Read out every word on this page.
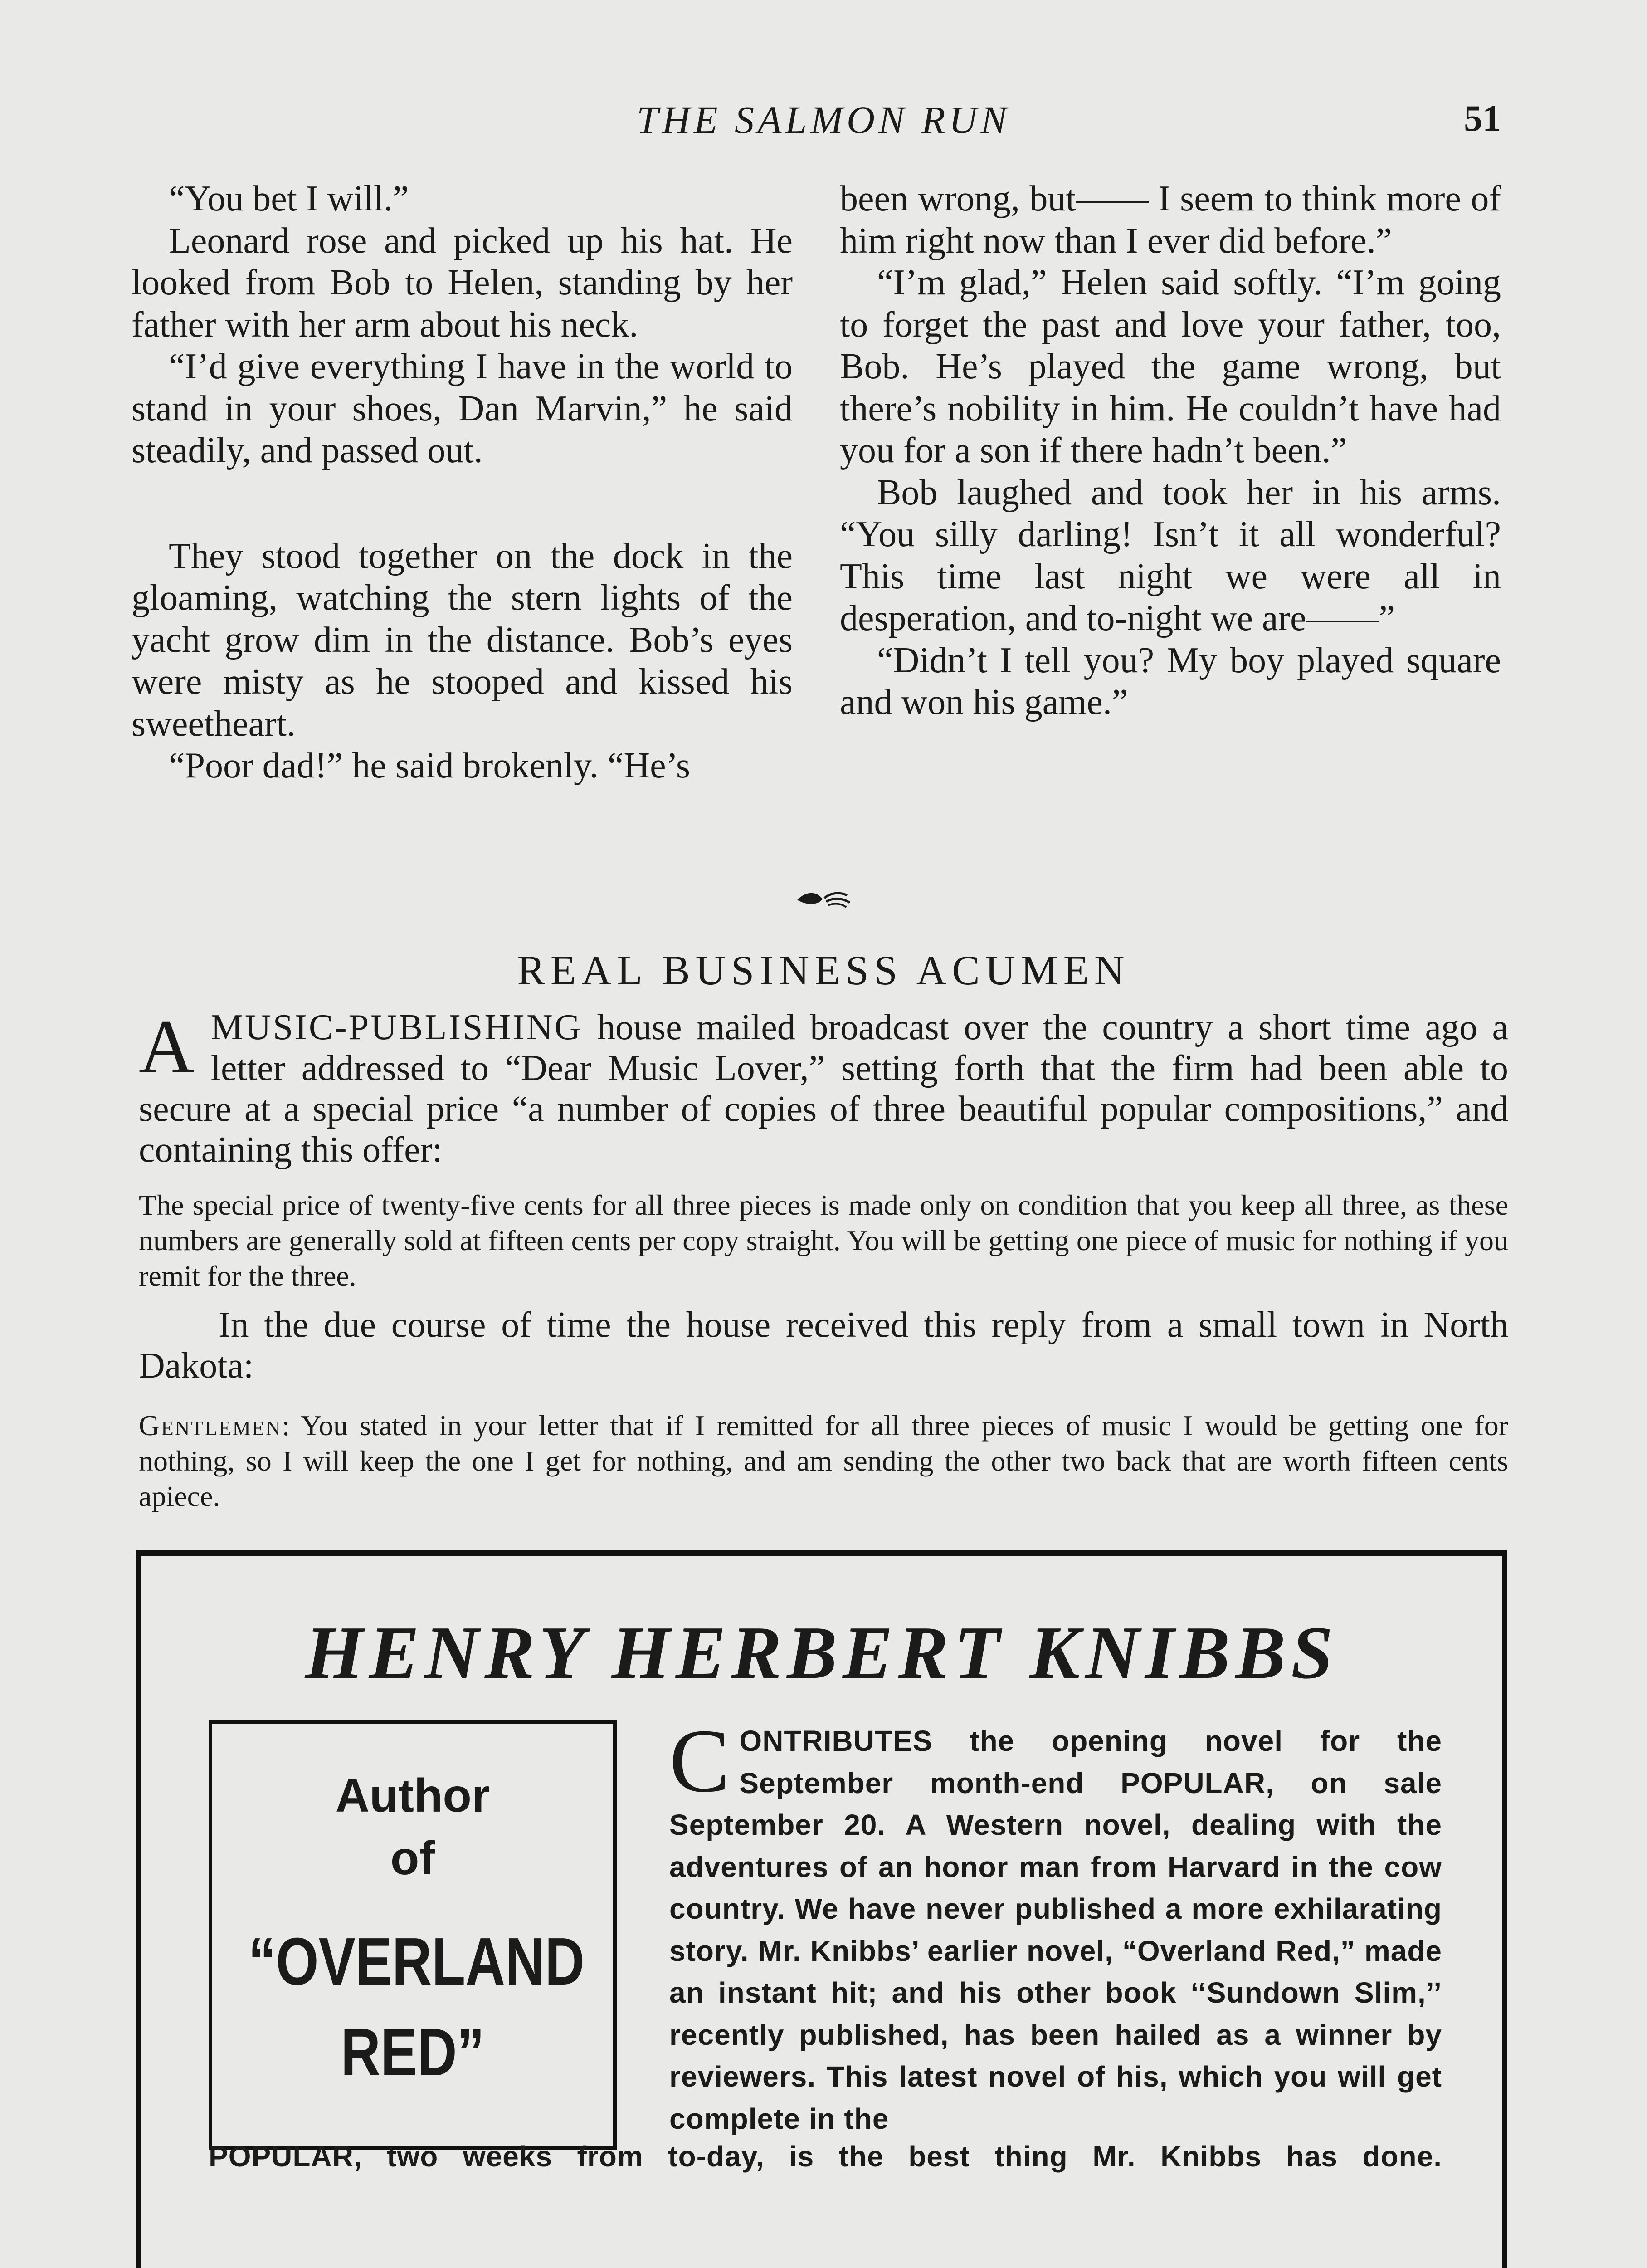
THE SALMON RUN	51

“You bet I will.”

Leonard rose and picked up his hat. He looked from Bob to Helen, standing by her father with her arm about his neck.

“I’d give everything I have in the world to stand in your shoes, Dan Marvin,” he said steadily, and passed out.

They stood together on the dock in the gloaming, watching the stern lights of the yacht grow dim in the distance. Bob’s eyes were misty as he stooped and kissed his sweetheart.

“Poor dad!” he said brokenly. “He’s

been wrong, but—— I seem to think more of him right now than I ever did before.”

“I’m glad,” Helen said softly. “I’m going to forget the past and love your father, too, Bob. He’s played the game wrong, but there’s nobility in him. He couldn’t have had you for a son if there hadn’t been.”

Bob laughed and took her in his arms. “You silly darling! Isn’t it all wonderful? This time last night we were all in desperation, and to-night we are——”

“Didn’t I tell you? My boy played square and won his game.”

REAL BUSINESS ACUMEN
A MUSIC-PUBLISHING house mailed broadcast over the country a short time ago a letter addressed to “Dear Music Lover,” setting forth that the firm had been able to secure at a special price “a number of copies of three beautiful popular compositions,” and containing this offer:
The special price of twenty-five cents for all three pieces is made only on condition that you keep all three, as these numbers are generally sold at fifteen cents per copy straight. You will be getting one piece of music for nothing if you remit for the three.

In the due course of time the house received this reply from a small town in North Dakota:

Gentlemen: You stated in your letter that if I remitted for all three pieces of music I would be getting one for nothing, so I will keep the one I get for nothing, and am sending the other two back that are worth fifteen cents apiece.
HENRY HERBERT KNIBBS
Author
of
“OVERLAND
RED”
CONTRIBUTES the opening novel for the September month-end POPULAR, on sale September 20. A Western novel, dealing with the adventures of an honor man from Harvard in the cow country. We have never published a more exhilarating story. Mr. Knibbs’ earlier novel, “Overland Red,” made an instant hit; and his other book ‘‘Sundown Slim,’’ recently published, has been hailed as a winner by reviewers. This latest novel of his, which you will get complete in the
POPULAR, two weeks from to-day, is the best thing Mr. Knibbs has done.
